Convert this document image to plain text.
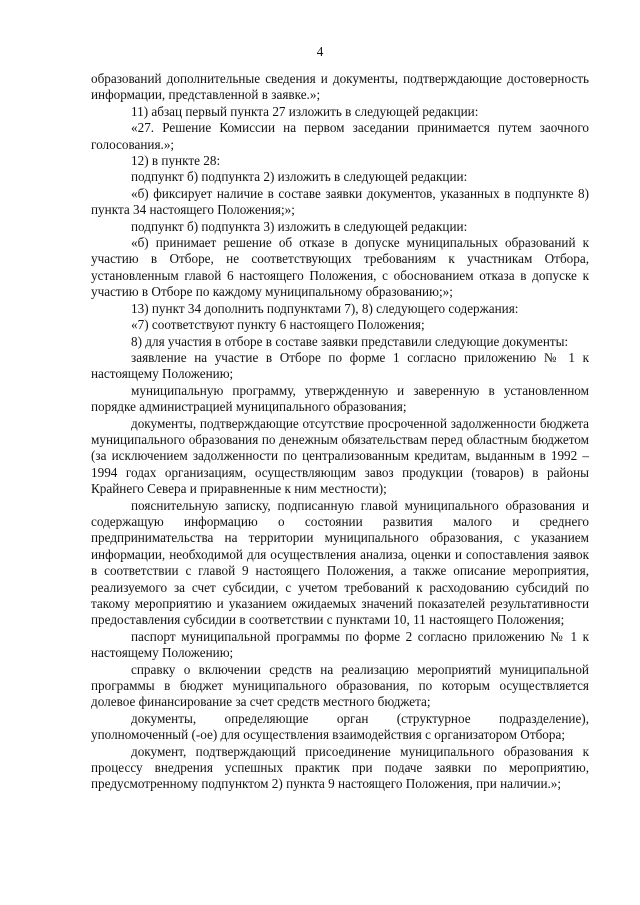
4

образований дополнительные сведения и документы, подтверждающие достоверность информации, представленной в заявке.»;

11) абзац первый пункта 27 изложить в следующей редакции:

«27. Решение Комиссии на первом заседании принимается путем заочного голосования.»;

12) в пункте 28:

подпункт б) подпункта 2) изложить в следующей редакции:

«б) фиксирует наличие в составе заявки документов, указанных в подпункте 8) пункта 34 настоящего Положения;»;

подпункт б) подпункта 3) изложить в следующей редакции:

«б) принимает решение об отказе в допуске муниципальных образований к участию в Отборе, не соответствующих требованиям к участникам Отбора, установленным главой 6 настоящего Положения, с обоснованием отказа в допуске к участию в Отборе по каждому муниципальному образованию;»;

13) пункт 34 дополнить подпунктами 7), 8) следующего содержания:

«7) соответствуют пункту 6 настоящего Положения;

8) для участия в отборе в составе заявки представили следующие документы:

заявление на участие в Отборе по форме 1 согласно приложению № 1 к настоящему Положению;

муниципальную программу, утвержденную и заверенную в установленном порядке администрацией муниципального образования;

документы, подтверждающие отсутствие просроченной задолженности бюджета муниципального образования по денежным обязательствам перед областным бюджетом (за исключением задолженности по централизованным кредитам, выданным в 1992 – 1994 годах организациям, осуществляющим завоз продукции (товаров) в районы Крайнего Севера и приравненные к ним местности);

пояснительную записку, подписанную главой муниципального образования и содержащую информацию о состоянии развития малого и среднего предпринимательства на территории муниципального образования, с указанием информации, необходимой для осуществления анализа, оценки и сопоставления заявок в соответствии с главой 9 настоящего Положения, а также описание мероприятия, реализуемого за счет субсидии, с учетом требований к расходованию субсидий по такому мероприятию и указанием ожидаемых значений показателей результативности предоставления субсидии в соответствии с пунктами 10, 11 настоящего Положения;

паспорт муниципальной программы по форме 2 согласно приложению № 1 к настоящему Положению;

справку о включении средств на реализацию мероприятий муниципальной программы в бюджет муниципального образования, по которым осуществляется долевое финансирование за счет средств местного бюджета;

документы, определяющие орган (структурное подразделение), уполномоченный (-ое) для осуществления взаимодействия с организатором Отбора;

документ, подтверждающий присоединение муниципального образования к процессу внедрения успешных практик при подаче заявки по мероприятию, предусмотренному подпунктом 2) пункта 9 настоящего Положения, при наличии.»;
